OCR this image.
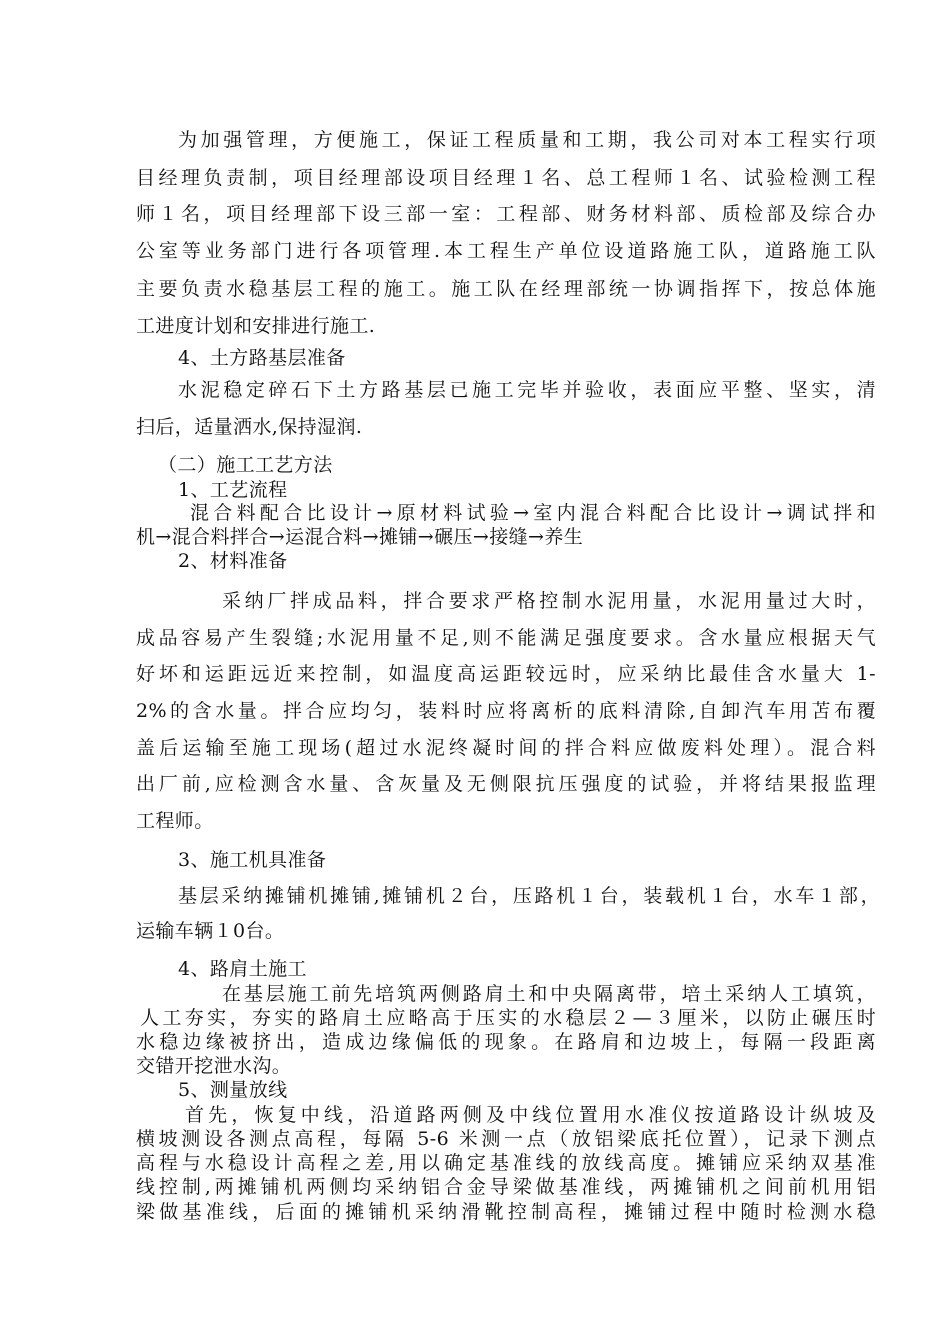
为加强管理，方便施工，保证工程质量和工期，我公司对本工程实行项
目经理负责制，项目经理部设项目经理１名、总工程师１名、试验检测工程
师１名，项目经理部下设三部一室：工程部、财务材料部、质检部及综合办
公室等业务部门进行各项管理.本工程生产单位设道路施工队，道路施工队
主要负责水稳基层工程的施工。施工队在经理部统一协调指挥下，按总体施
工进度计划和安排进行施工.
4、土方路基层准备
水泥稳定碎石下土方路基层已施工完毕并验收，表面应平整、坚实，清
扫后，适量洒水,保持湿润.
（二）施工工艺方法
1、工艺流程
混合料配合比设计→原材料试验→室内混合料配合比设计→调试拌和
机→混合料拌合→运混合料→摊铺→碾压→接缝→养生
2、材料准备
采纳厂拌成品料，拌合要求严格控制水泥用量，水泥用量过大时，
成品容易产生裂缝;水泥用量不足,则不能满足强度要求。含水量应根据天气
好坏和运距远近来控制，如温度高运距较远时，应采纳比最佳含水量大 1-
2%的含水量。拌合应均匀，装料时应将离析的底料清除,自卸汽车用苫布覆
盖后运输至施工现场(超过水泥终凝时间的拌合料应做废料处理）。混合料
出厂前,应检测含水量、含灰量及无侧限抗压强度的试验，并将结果报监理
工程师。
3、施工机具准备
基层采纳摊铺机摊铺,摊铺机２台，压路机１台，装载机１台，水车１部，
运输车辆１0台。
4、路肩土施工
在基层施工前先培筑两侧路肩土和中央隔离带，培土采纳人工填筑，
人工夯实，夯实的路肩土应略高于压实的水稳层２—３厘米，以防止碾压时
水稳边缘被挤出，造成边缘偏低的现象。在路肩和边坡上，每隔一段距离
交错开挖泄水沟。
5、测量放线
首先，恢复中线，沿道路两侧及中线位置用水准仪按道路设计纵坡及
横坡测设各测点高程，每隔 5-6 米测一点（放铝梁底托位置），记录下测点
高程与水稳设计高程之差,用以确定基准线的放线高度。摊铺应采纳双基准
线控制,两摊铺机两侧均采纳铝合金导梁做基准线，两摊铺机之间前机用铝
梁做基准线，后面的摊铺机采纳滑靴控制高程，摊铺过程中随时检测水稳
